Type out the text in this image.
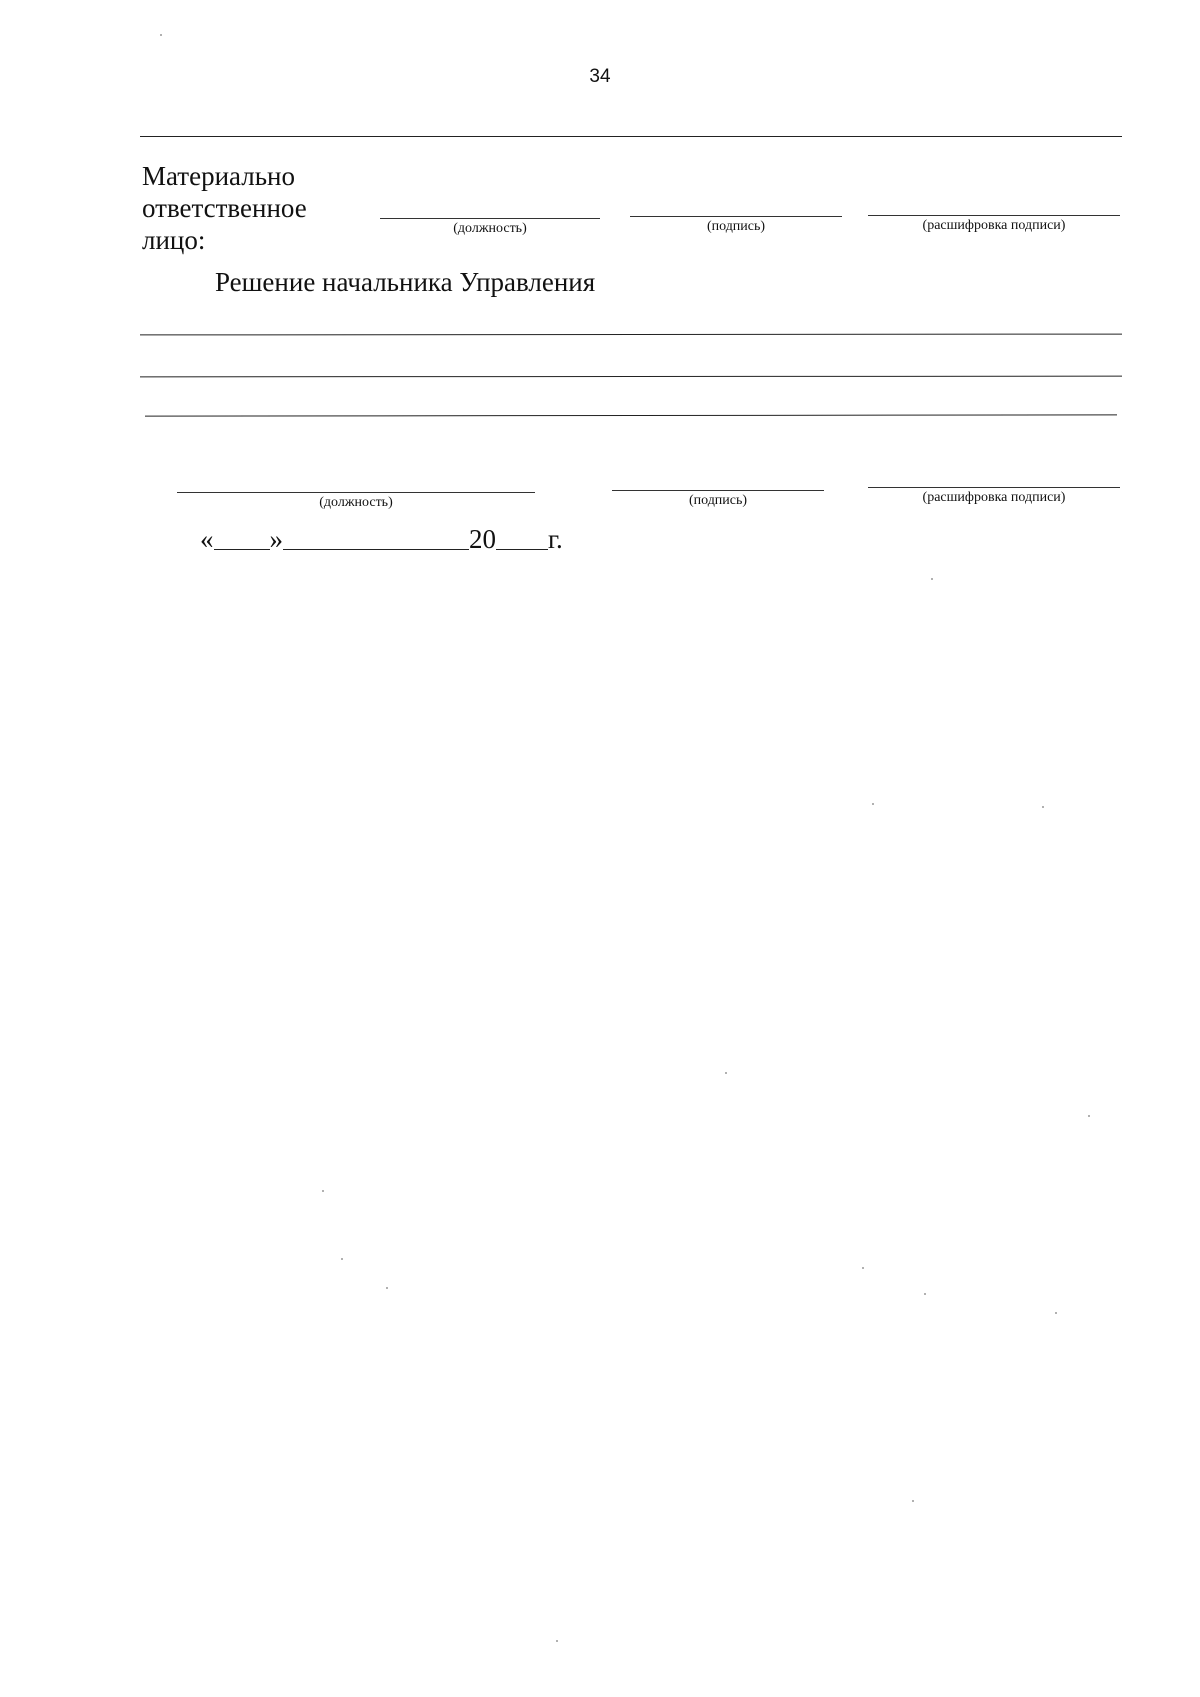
34
Материально ответственное лицо:	(должность)	(подпись)	(расшифровка подписи)
Решение начальника Управления
(должность)	(подпись)	(расшифровка подписи)
« »	20 г.
